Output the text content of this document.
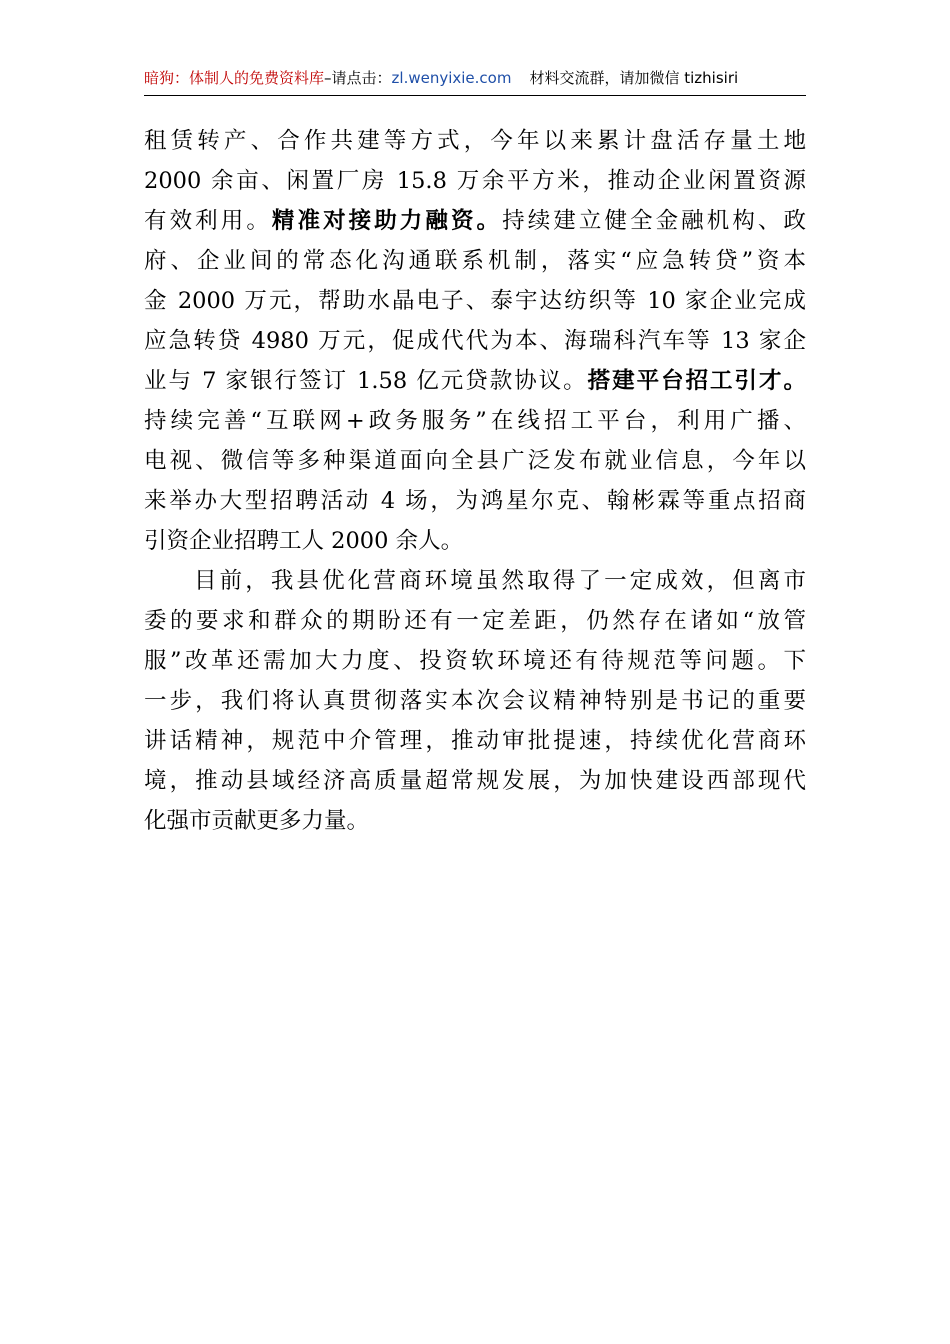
暗狗：体制人的免费资料库–请点击：zl.wenyixie.com 材料交流群，请加微信 tizhisiri
租赁转产、合作共建等方式，今年以来累计盘活存量土地
2000 余亩、闲置厂房 15.8 万余平方米，推动企业闲置资源
有效利用。精准对接助力融资。持续建立健全金融机构、政
府、企业间的常态化沟通联系机制，落实“应急转贷”资本
金 2000 万元，帮助水晶电子、泰宇达纺织等 10 家企业完成
应急转贷 4980 万元，促成代代为本、海瑞科汽车等 13 家企
业与 7 家银行签订 1.58 亿元贷款协议。搭建平台招工引才。
持续完善“互联网+政务服务”在线招工平台，利用广播、
电视、微信等多种渠道面向全县广泛发布就业信息，今年以
来举办大型招聘活动 4 场，为鸿星尔克、翰彬霖等重点招商
引资企业招聘工人 2000 余人。
目前，我县优化营商环境虽然取得了一定成效，但离市
委的要求和群众的期盼还有一定差距，仍然存在诸如“放管
服”改革还需加大力度、投资软环境还有待规范等问题。下
一步，我们将认真贯彻落实本次会议精神特别是书记的重要
讲话精神，规范中介管理，推动审批提速，持续优化营商环
境，推动县域经济高质量超常规发展，为加快建设西部现代
化强市贡献更多力量。
